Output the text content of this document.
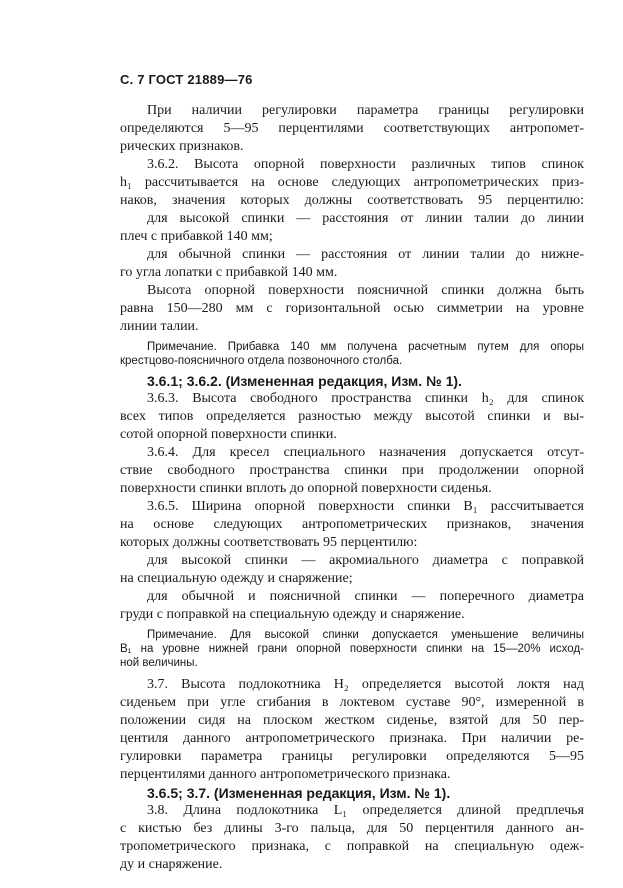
С. 7 ГОСТ 21889—76
При наличии регулировки параметра границы регулировки
определяются 5—95 перцентилями соответствующих антропомет-
рических признаков.
3.6.2. Высота опорной поверхности различных типов спинок
h₁ рассчитывается на основе следующих антропометрических приз-
наков, значения которых должны соответствовать 95 перцентилю:
для высокой спинки — расстояния от линии талии до линии
плеч с прибавкой 140 мм;
для обычной спинки — расстояния от линии талии до нижне-
го угла лопатки с прибавкой 140 мм.
Высота опорной поверхности поясничной спинки должна быть
равна 150—280 мм с горизонтальной осью симметрии на уровне
линии талии.
Примечание. Прибавка 140 мм получена расчетным путем для опоры
крестцово-поясничного отдела позвоночного столба.
3.6.1; 3.6.2. (Измененная редакция, Изм. № 1).
3.6.3. Высота свободного пространства спинки h₂ для спинок
всех типов определяется разностью между высотой спинки и вы-
сотой опорной поверхности спинки.
3.6.4. Для кресел специального назначения допускается отсут-
ствие свободного пространства спинки при продолжении опорной
поверхности спинки вплоть до опорной поверхности сиденья.
3.6.5. Ширина опорной поверхности спинки B₁ рассчитывается
на основе следующих антропометрических признаков, значения
которых должны соответствовать 95 перцентилю:
для высокой спинки — акромиального диаметра с поправкой
на специальную одежду и снаряжение;
для обычной и поясничной спинки — поперечного диаметра
груди с поправкой на специальную одежду и снаряжение.
Примечание. Для высокой спинки допускается уменьшение величины
B₁ на уровне нижней грани опорной поверхности спинки на 15—20% исход-
ной величины.
3.7. Высота подлокотника H₂ определяется высотой локтя над
сиденьем при угле сгибания в локтевом суставе 90°, измеренной в
положении сидя на плоском жестком сиденье, взятой для 50 пер-
центиля данного антропометрического признака. При наличии ре-
гулировки параметра границы регулировки определяются 5—95
перцентилями данного антропометрического признака.
3.6.5; 3.7. (Измененная редакция, Изм. № 1).
3.8. Длина подлокотника L₁ определяется длиной предплечья
с кистью без длины 3-го пальца, для 50 перцентиля данного ан-
тропометрического признака, с поправкой на специальную одеж-
ду и снаряжение.
